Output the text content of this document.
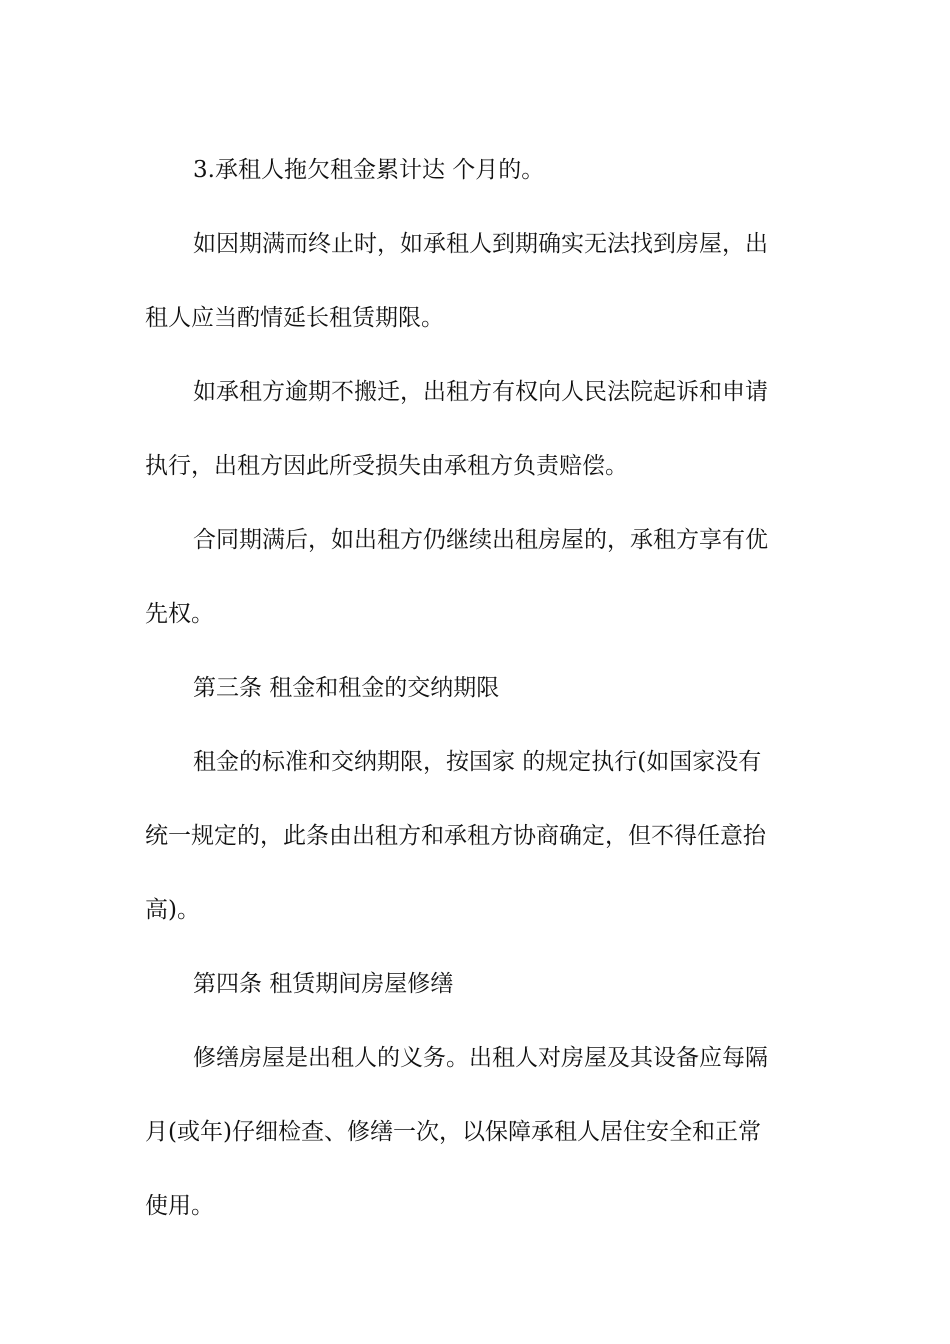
3.承租人拖欠租金累计达 个月的。
如因期满而终止时，如承租人到期确实无法找到房屋，出
租人应当酌情延长租赁期限。
如承租方逾期不搬迁，出租方有权向人民法院起诉和申请
执行，出租方因此所受损失由承租方负责赔偿。
合同期满后，如出租方仍继续出租房屋的，承租方享有优
先权。
第三条 租金和租金的交纳期限
租金的标准和交纳期限，按国家 的规定执行(如国家没有
统一规定的，此条由出租方和承租方协商确定，但不得任意抬
高)。
第四条 租赁期间房屋修缮
修缮房屋是出租人的义务。出租人对房屋及其设备应每隔
月(或年)仔细检查、修缮一次，以保障承租人居住安全和正常
使用。
